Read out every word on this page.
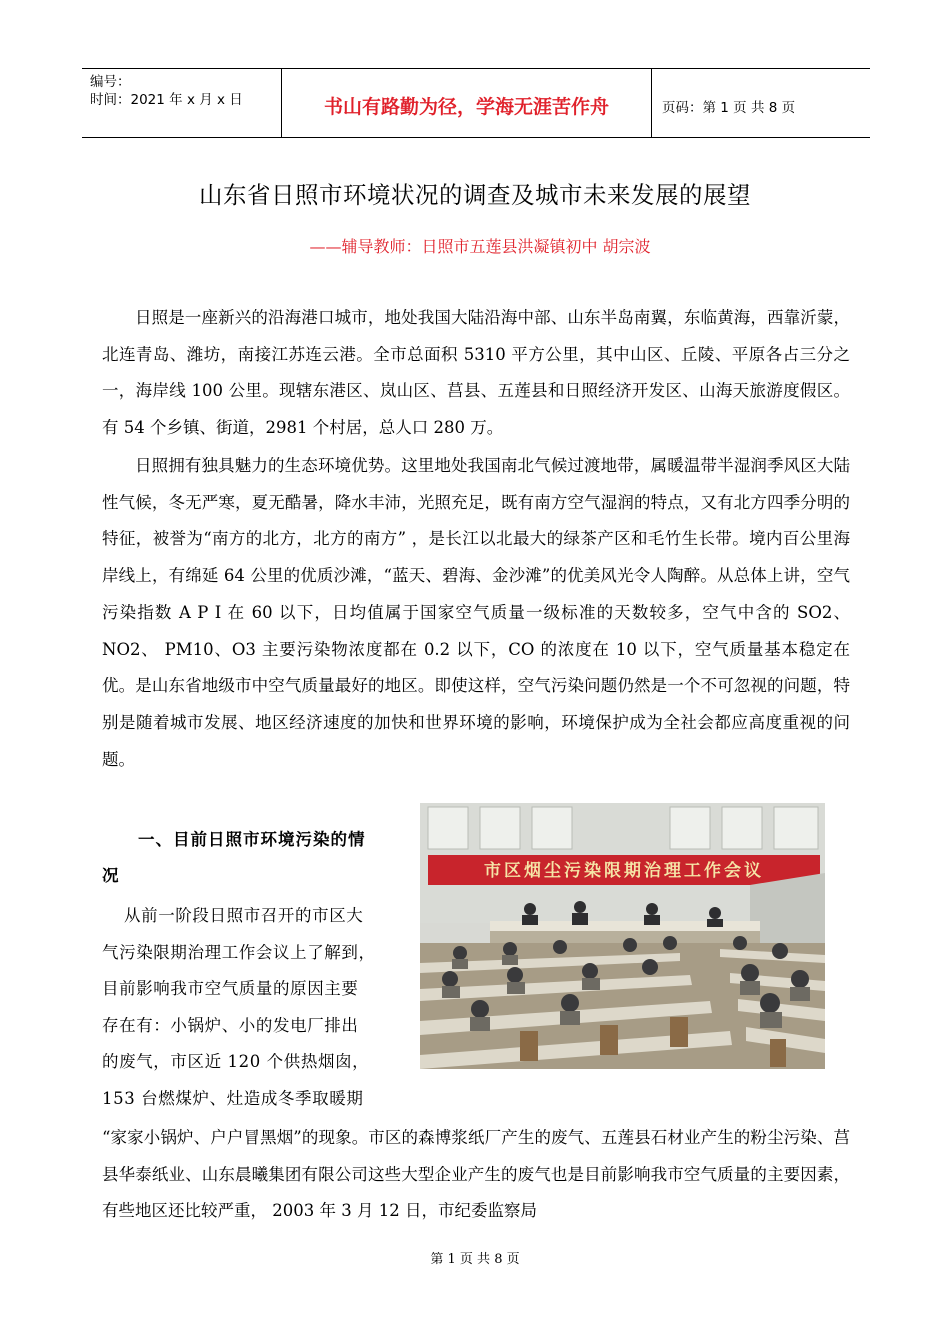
编号：
时间：2021 年 x 月 x 日	书山有路勤为径，学海无涯苦作舟	页码：第 1 页 共 8 页
山东省日照市环境状况的调查及城市未来发展的展望
——辅导教师：日照市五莲县洪凝镇初中 胡宗波

日照是一座新兴的沿海港口城市，地处我国大陆沿海中部、山东半岛南翼，东临黄海，西靠沂蒙，北连青岛、潍坊，南接江苏连云港。全市总面积 5310 平方公里，其中山区、丘陵、平原各占三分之一，海岸线 100 公里。现辖东港区、岚山区、莒县、五莲县和日照经济开发区、山海天旅游度假区。有 54 个乡镇、街道，2981 个村居，总人口 280 万。

日照拥有独具魅力的生态环境优势。这里地处我国南北气候过渡地带，属暖温带半湿润季风区大陆性气候，冬无严寒，夏无酷暑，降水丰沛，光照充足，既有南方空气湿润的特点，又有北方四季分明的特征，被誉为“南方的北方，北方的南方” ，是长江以北最大的绿茶产区和毛竹生长带。境内百公里海岸线上，有绵延 64 公里的优质沙滩，“蓝天、碧海、金沙滩”的优美风光令人陶醉。从总体上讲，空气污染指数 A P I 在 60 以下，日均值属于国家空气质量一级标准的天数较多，空气中含的 SO2、 NO2、 PM10、O3 主要污染物浓度都在 0.2 以下，CO 的浓度在 10 以下，空气质量基本稳定在优。是山东省地级市中空气质量最好的地区。即使这样，空气污染问题仍然是一个不可忽视的问题，特别是随着城市发展、地区经济速度的加快和世界环境的影响，环境保护成为全社会都应高度重视的问题。

一、目前日照市环境污染的情
况
从前一阶段日照市召开的市区大
气污染限期治理工作会议上了解到，
目前影响我市空气质量的原因主要
存在有：小锅炉、小的发电厂排出
的废气，市区近 120 个供热烟囱，
153 台燃煤炉、灶造成冬季取暖期

“家家小锅炉、户户冒黑烟”的现象。市区的森博浆纸厂产生的废气、五莲县石材业产生的粉尘污染、莒县华泰纸业、山东晨曦集团有限公司这些大型企业产生的废气也是目前影响我市空气质量的主要因素，有些地区还比较严重， 2003 年 3 月 12 日，市纪委监察局

市区烟尘污染限期治理工作会议
第 1 页 共 8 页
